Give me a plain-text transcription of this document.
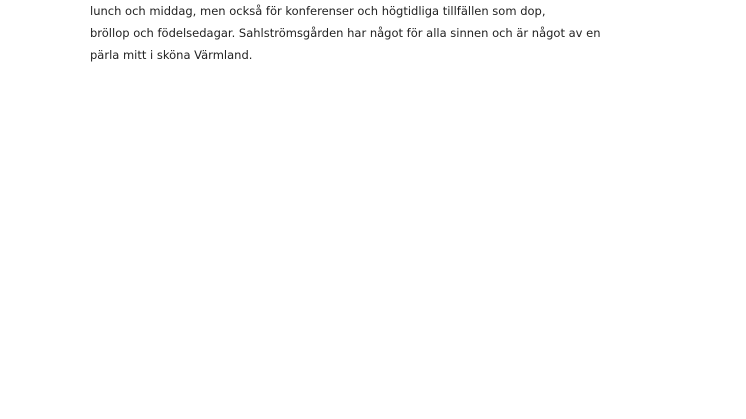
lunch och middag, men också för konferenser och högtidliga tillfällen som dop,
bröllop och födelsedagar. Sahlströmsgården har något för alla sinnen och är något av en
pärla mitt i sköna Värmland.
